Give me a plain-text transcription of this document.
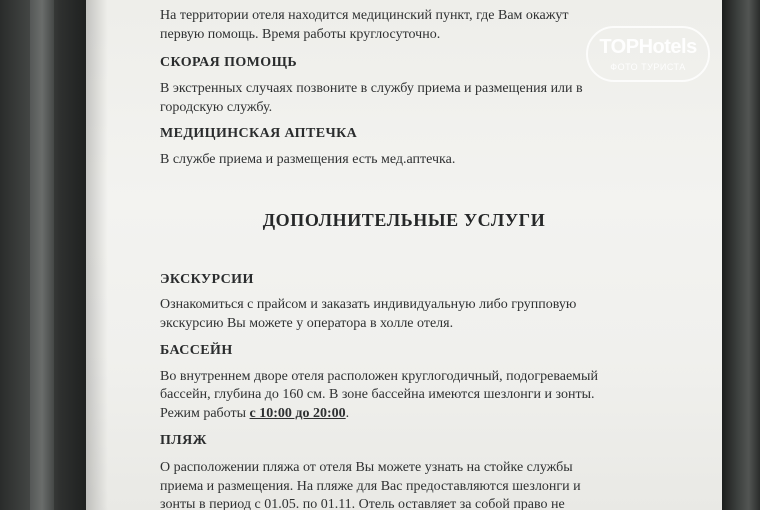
На территории отеля находится медицинский пункт, где Вам окажут

первую помощь. Время работы круглосуточно.

СКОРАЯ ПОМОЩЬ

В экстренных случаях позвоните в службу приема и размещения или в

городскую службу.

МЕДИЦИНСКАЯ АПТЕЧКА

В службе приема и размещения есть мед.аптечка.

ДОПОЛНИТЕЛЬНЫЕ УСЛУГИ

ЭКСКУРСИИ

Ознакомиться с прайсом и заказать индивидуальную либо групповую

экскурсию Вы можете у оператора в холле отеля.

БАССЕЙН

Во внутреннем дворе отеля расположен круглогодичный, подогреваемый

бассейн, глубина до 160 см. В зоне бассейна имеются шезлонги и зонты.

Режим работы с 10:00 до 20:00.

ПЛЯЖ

О расположении пляжа от отеля Вы можете узнать на стойке службы

приема и размещения. На пляже для Вас предоставляются шезлонги и

зонты в период с 01.05. по 01.11. Отель оставляет за собой право не

TOPHotels
ФОТО ТУРИСТА
